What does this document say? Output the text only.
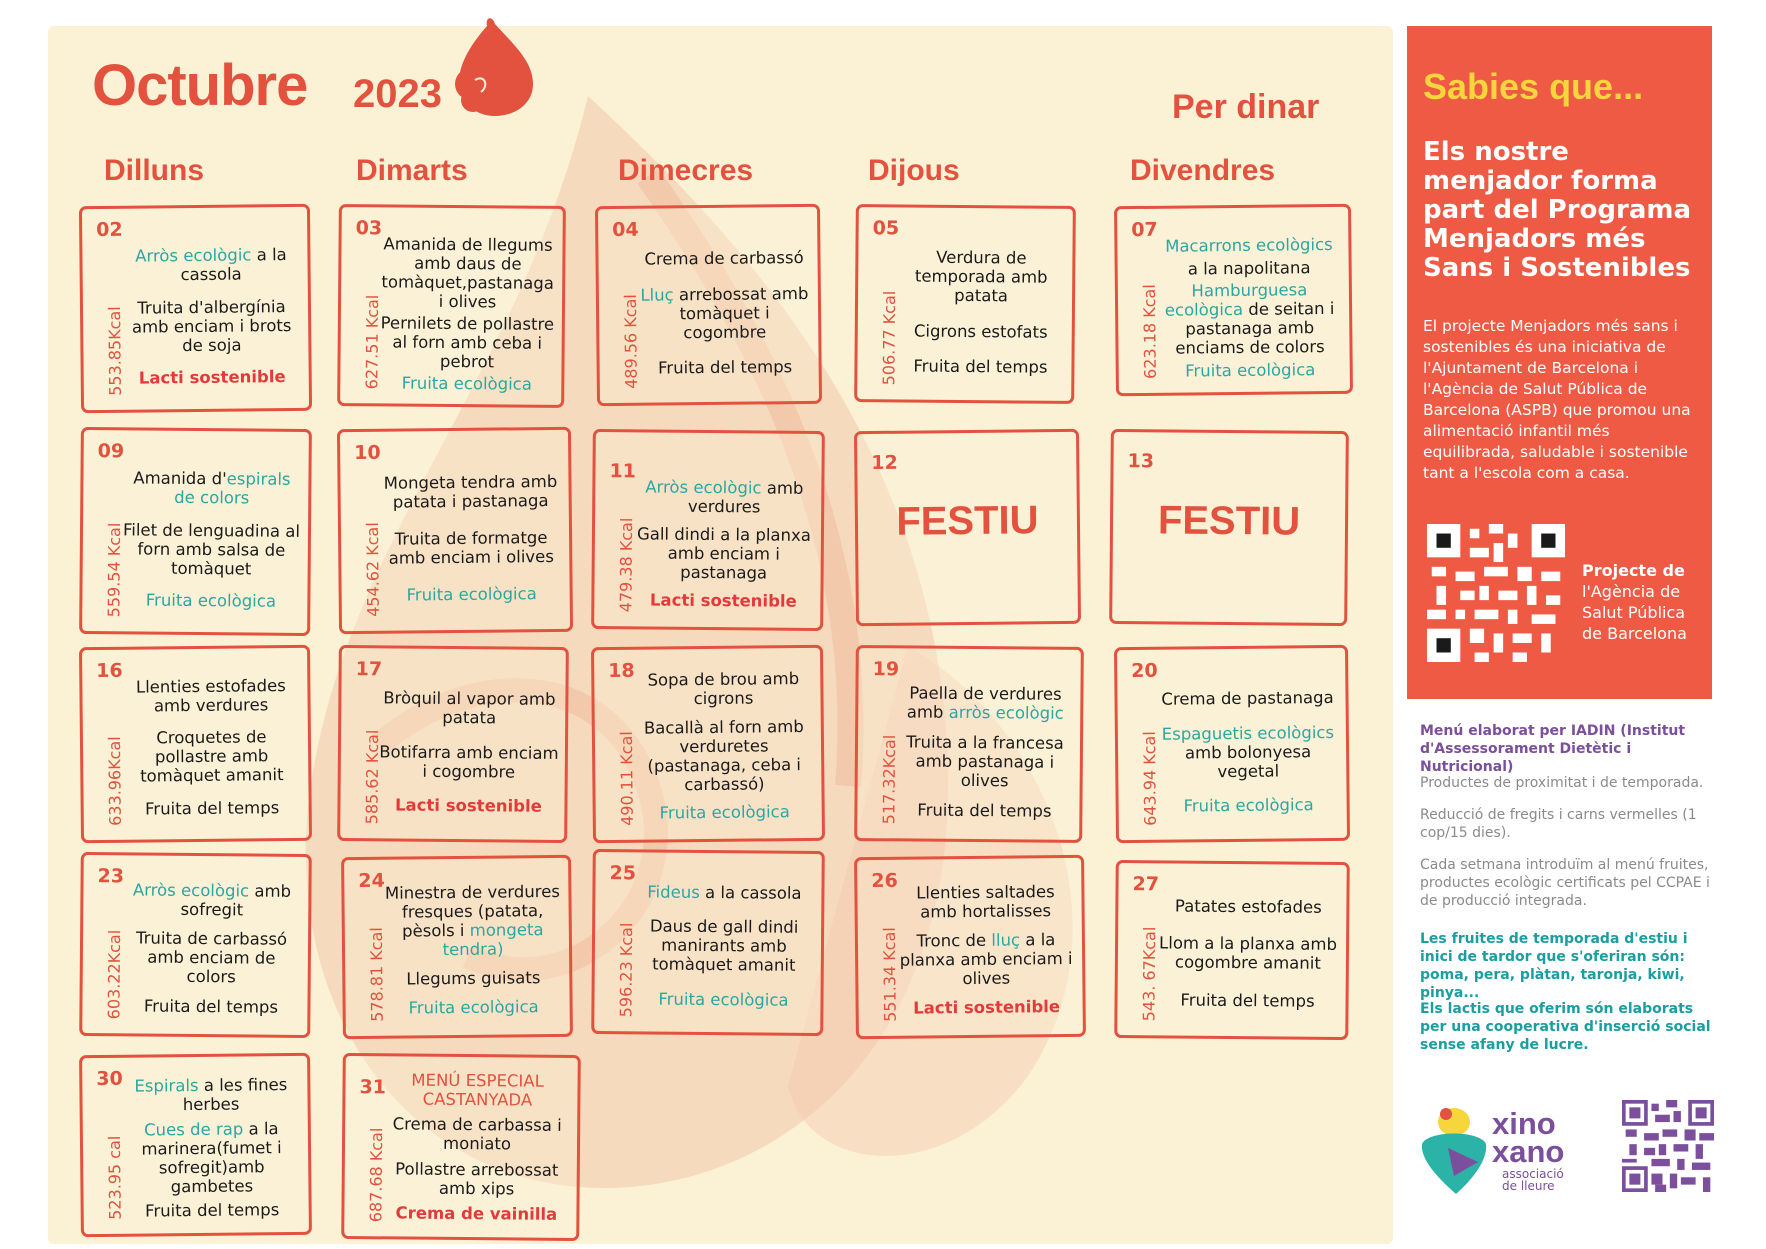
Octubre 2023	Per dinar
Dilluns	Dimarts	Dimecres	Dijous	Divendres
02
553.85Kcal
Arròs ecològic a la cassola
Truita d'albergínia amb enciam i brots de soja
Lacti sostenible
03
627.51 Kcal
Amanida de llegums amb daus de tomàquet,pastanaga i olives
Pernilets de pollastre al forn amb ceba i pebrot
Fruita ecològica
04
489.56 Kcal
Crema de carbassó
Lluç arrebossat amb tomàquet i cogombre
Fruita del temps
05
506.77 Kcal
Verdura de temporada amb patata
Cigrons estofats
Fruita del temps
07
623.18 Kcal
Macarrons ecològics
a la napolitana
Hamburguesa ecològica de seitan i pastanaga amb enciams de colors
Fruita ecològica
09
559.54 Kcal
Amanida d'espirals de colors
Filet de lenguadina al forn amb salsa de tomàquet
Fruita ecològica
10
454.62 Kcal
Mongeta tendra amb patata i pastanaga
Truita de formatge amb enciam i olives
Fruita ecològica
11
479.38 Kcal
Arròs ecològic amb verdures
Gall dindi a la planxa amb enciam i pastanaga
Lacti sostenible
12
FESTIU
13
FESTIU
16
633.96Kcal
Llenties estofades amb verdures
Croquetes de pollastre amb tomàquet amanit
Fruita del temps
17
585.62 Kcal
Bròquil al vapor amb patata
Botifarra amb enciam i cogombre
Lacti sostenible
18
490.11 Kcal
Sopa de brou amb cigrons
Bacallà al forn amb verduretes (pastanaga, ceba i carbassó)
Fruita ecològica
19
517.32Kcal
Paella de verdures amb arròs ecològic
Truita a la francesa amb pastanaga i olives
Fruita del temps
20
643.94 Kcal
Crema de pastanaga
Espaguetis ecològics amb bolonyesa vegetal
Fruita ecològica
23
603.22Kcal
Arròs ecològic amb sofregit
Truita de carbassó amb enciam de colors
Fruita del temps
24
578.81 Kcal
Minestra de verdures fresques (patata, pèsols i mongeta tendra)
Llegums guisats
Fruita ecològica
25
596.23 Kcal
Fideus a la cassola
Daus de gall dindi manirants amb tomàquet amanit
Fruita ecològica
26
551.34 Kcal
Llenties saltades amb hortalisses
Tronc de lluç a la planxa amb enciam i olives
Lacti sostenible
27
543. 67Kcal
Patates estofades
Llom a la planxa amb cogombre amanit
Fruita del temps
30
523.95 cal
Espirals a les fines herbes
Cues de rap a la marinera(fumet i sofregit)amb gambetes
Fruita del temps
31
687.68 Kcal
MENÚ ESPECIAL CASTANYADA
Crema de carbassa i moniato
Pollastre arrebossat amb xips
Crema de vainilla
Sabies que...
Els nostre menjador forma part del Programa Menjadors més Sans i Sostenibles
El projecte Menjadors més sans i sostenibles és una iniciativa de l'Ajuntament de Barcelona i l'Agència de Salut Pública de Barcelona (ASPB) que promou una alimentació infantil més equilibrada, saludable i sostenible tant a l'escola com a casa.
Projecte de
l'Agència de Salut Pública de Barcelona
Menú elaborat per IADIN (Institut d'Assessorament Dietètic i Nutricional)
Productes de proximitat i de temporada.
Reducció de fregits i carns vermelles (1 cop/15 dies).
Cada setmana introduïm al menú fruites, productes ecològic certificats pel CCPAE i de producció integrada.
Les fruites de temporada d'estiu i inici de tardor que s'oferiran són: poma, pera, plàtan, taronja, kiwi, pinya...
Els lactis que oferim són elaborats per una cooperativa d'inserció social sense afany de lucre.
xino
xano
associació
de lleure
